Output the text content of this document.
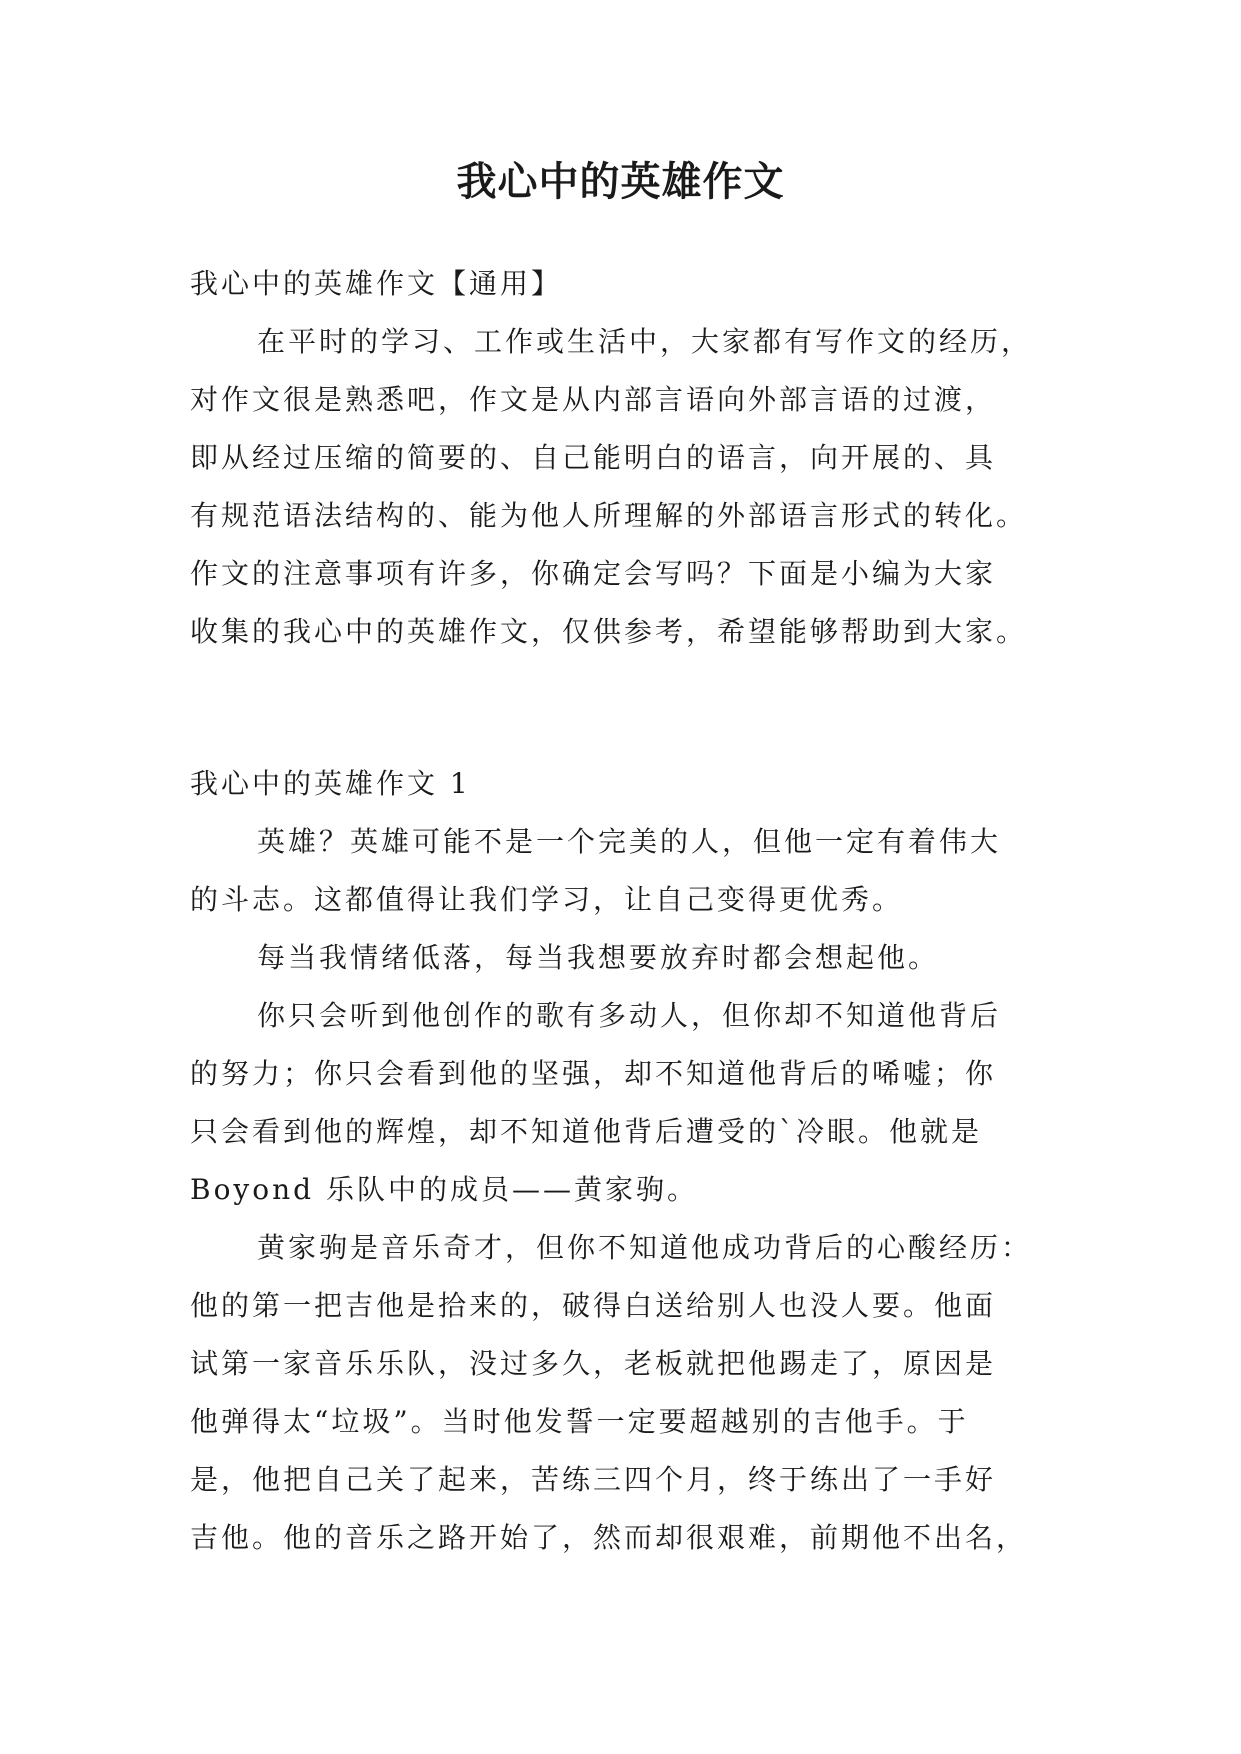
我心中的英雄作文
我心中的英雄作文【通用】
在平时的学习、工作或生活中，大家都有写作文的经历，
对作文很是熟悉吧，作文是从内部言语向外部言语的过渡，
即从经过压缩的简要的、自己能明白的语言，向开展的、具
有规范语法结构的、能为他人所理解的外部语言形式的转化。
作文的注意事项有许多，你确定会写吗？下面是小编为大家
收集的我心中的英雄作文，仅供参考，希望能够帮助到大家。
我心中的英雄作文 1
英雄？英雄可能不是一个完美的人，但他一定有着伟大
的斗志。这都值得让我们学习，让自己变得更优秀。
每当我情绪低落，每当我想要放弃时都会想起他。
你只会听到他创作的歌有多动人，但你却不知道他背后
的努力；你只会看到他的坚强，却不知道他背后的唏嘘；你
只会看到他的辉煌，却不知道他背后遭受的`冷眼。他就是
Boyond 乐队中的成员——黄家驹。
黄家驹是音乐奇才，但你不知道他成功背后的心酸经历：
他的第一把吉他是拾来的，破得白送给别人也没人要。他面
试第一家音乐乐队，没过多久，老板就把他踢走了，原因是
他弹得太“垃圾”。当时他发誓一定要超越别的吉他手。于
是，他把自己关了起来，苦练三四个月，终于练出了一手好
吉他。他的音乐之路开始了，然而却很艰难，前期他不出名，
